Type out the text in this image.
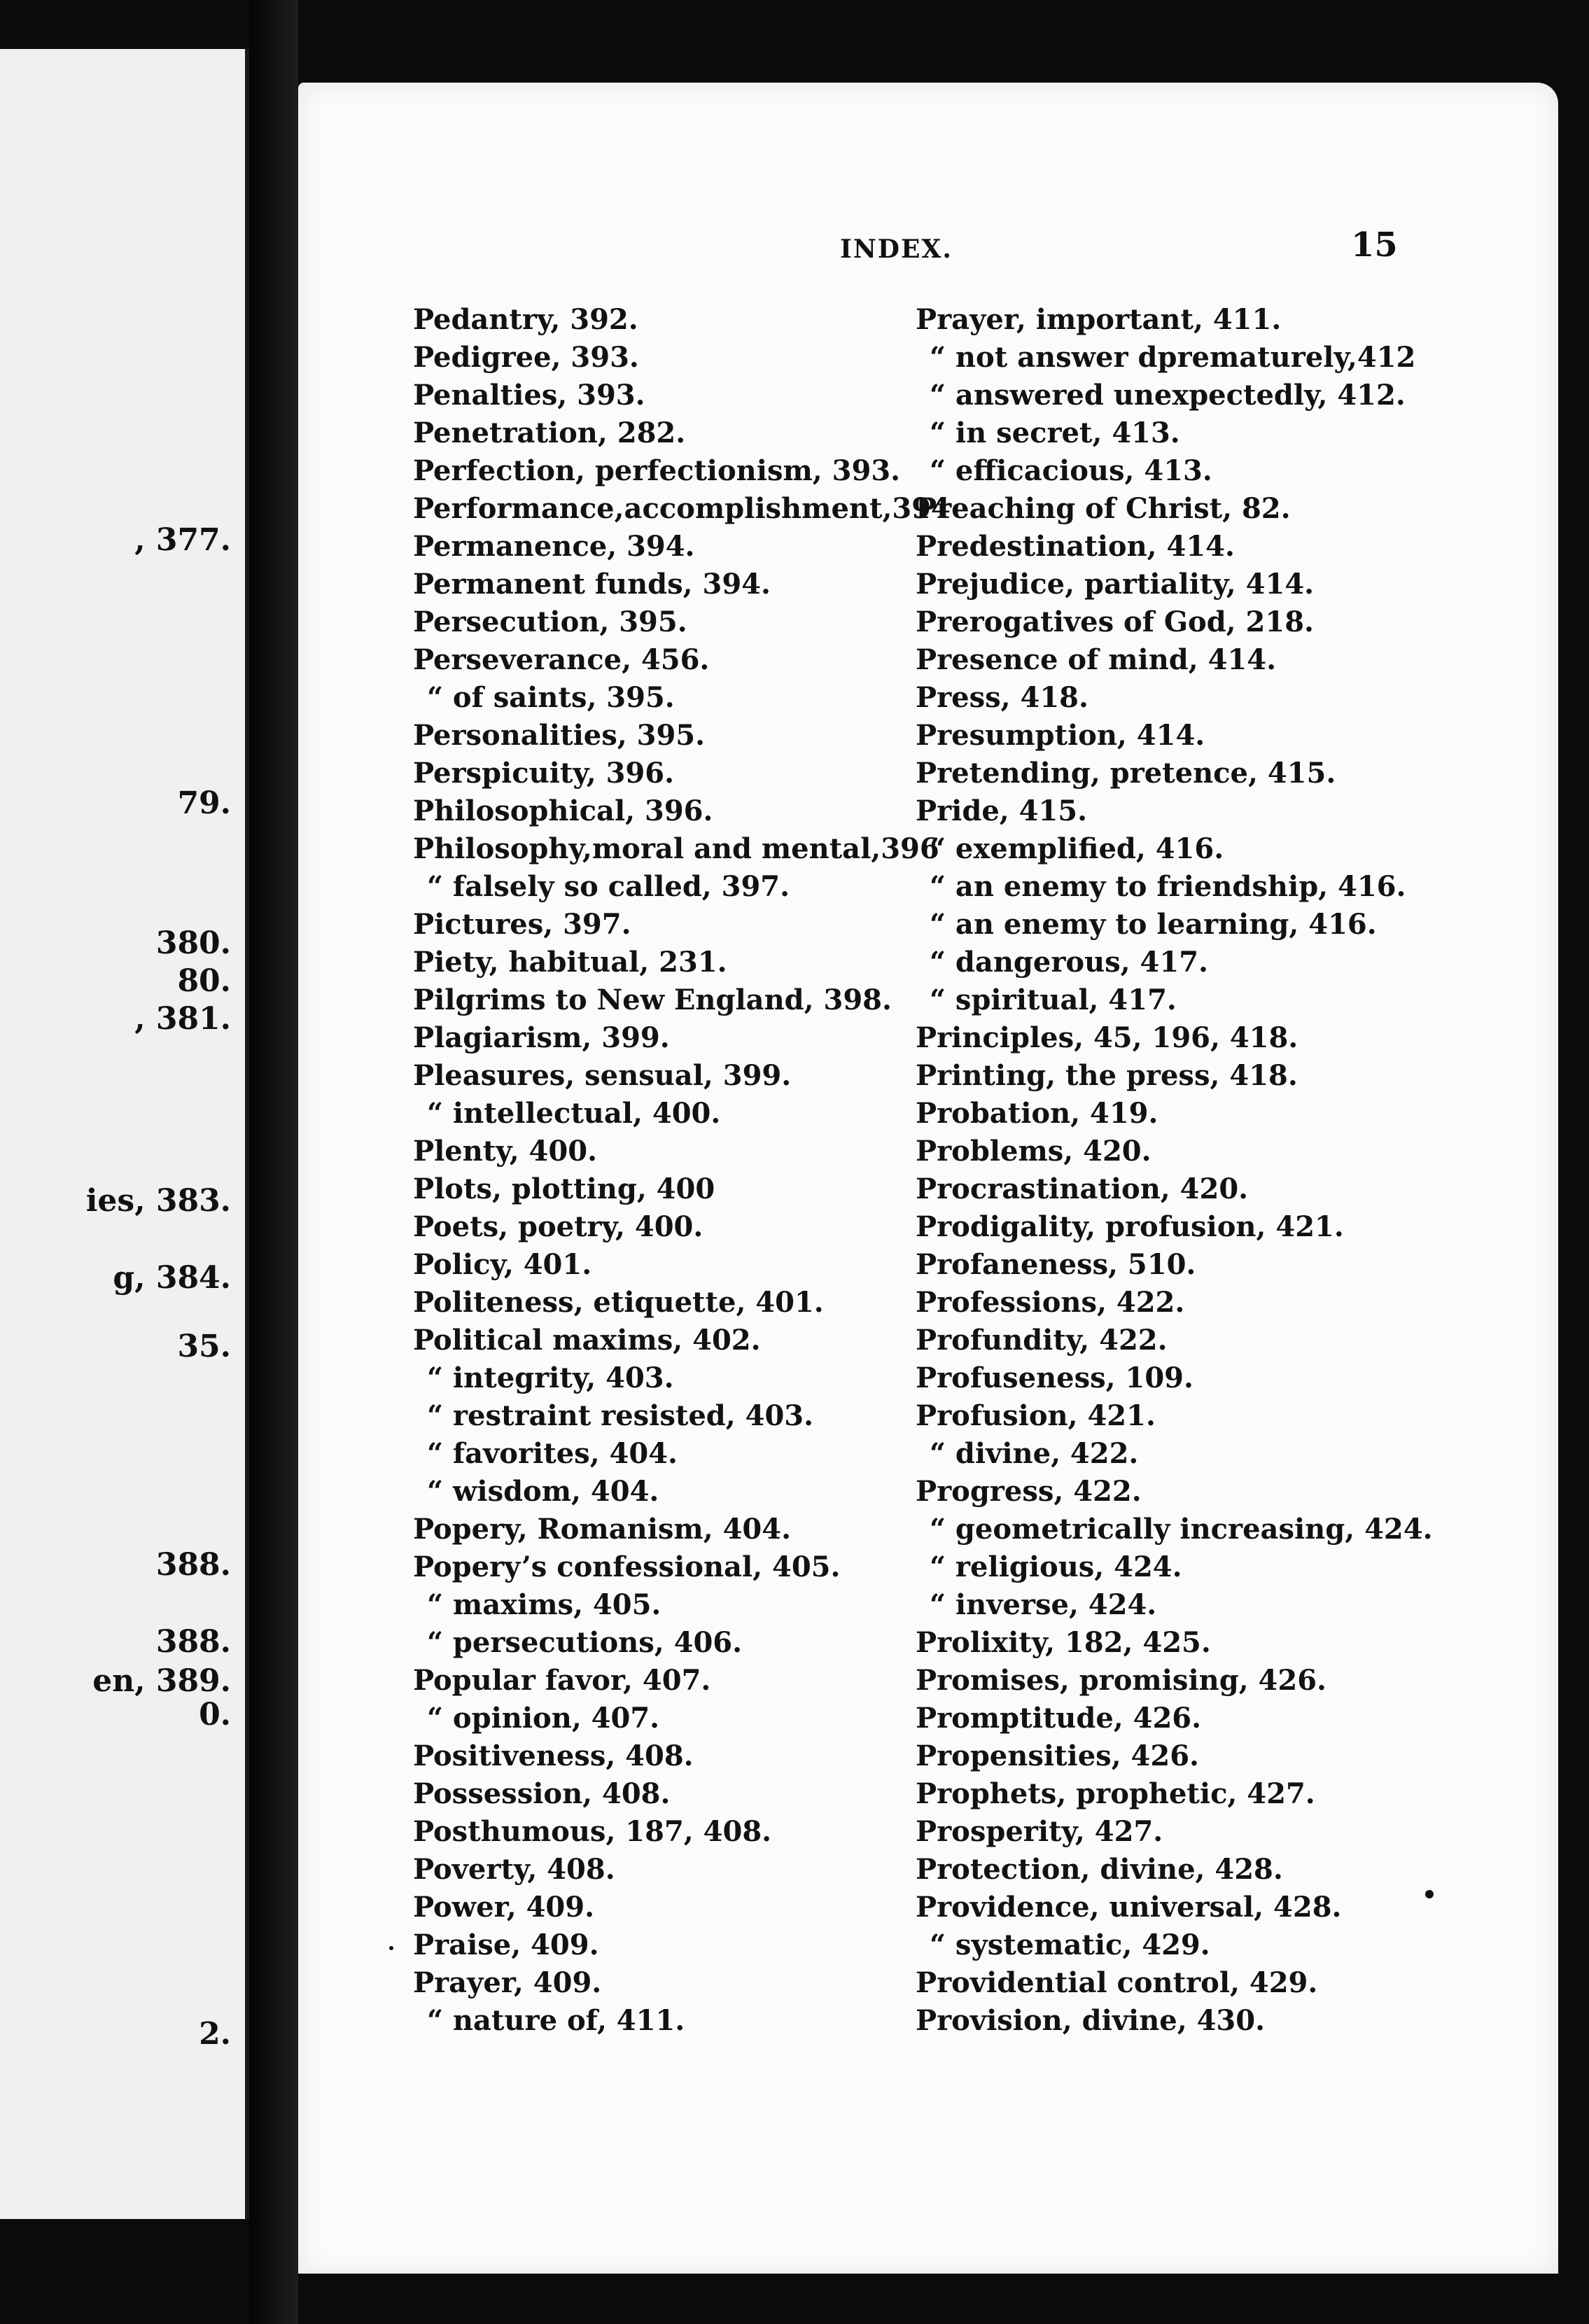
, 377.
79.
380.
80.
, 381.
ies, 383.
g, 384.
35.
388.
388.
en, 389.
0.
2.
INDEX.	15
Pedantry, 392.
Pedigree, 393.
Penalties, 393.
Penetration, 282.
Perfection, perfectionism, 393.
Performance,accomplishment,394
Permanence, 394.
Permanent funds, 394.
Persecution, 395.
Perseverance, 456.
“ of saints, 395.
Personalities, 395.
Perspicuity, 396.
Philosophical, 396.
Philosophy,moral and mental,396
“ falsely so called, 397.
Pictures, 397.
Piety, habitual, 231.
Pilgrims to New England, 398.
Plagiarism, 399.
Pleasures, sensual, 399.
“ intellectual, 400.
Plenty, 400.
Plots, plotting, 400
Poets, poetry, 400.
Policy, 401.
Politeness, etiquette, 401.
Political maxims, 402.
“ integrity, 403.
“ restraint resisted, 403.
“ favorites, 404.
“ wisdom, 404.
Popery, Romanism, 404.
Popery’s confessional, 405.
“ maxims, 405.
“ persecutions, 406.
Popular favor, 407.
“ opinion, 407.
Positiveness, 408.
Possession, 408.
Posthumous, 187, 408.
Poverty, 408.
Power, 409.
Praise, 409.
Prayer, 409.
“ nature of, 411.
Prayer, important, 411.
“ not answer dprematurely,412
“ answered unexpectedly, 412.
“ in secret, 413.
“ efficacious, 413.
Preaching of Christ, 82.
Predestination, 414.
Prejudice, partiality, 414.
Prerogatives of God, 218.
Presence of mind, 414.
Press, 418.
Presumption, 414.
Pretending, pretence, 415.
Pride, 415.
“ exemplified, 416.
“ an enemy to friendship, 416.
“ an enemy to learning, 416.
“ dangerous, 417.
“ spiritual, 417.
Principles, 45, 196, 418.
Printing, the press, 418.
Probation, 419.
Problems, 420.
Procrastination, 420.
Prodigality, profusion, 421.
Profaneness, 510.
Professions, 422.
Profundity, 422.
Profuseness, 109.
Profusion, 421.
“ divine, 422.
Progress, 422.
“ geometrically increasing, 424.
“ religious, 424.
“ inverse, 424.
Prolixity, 182, 425.
Promises, promising, 426.
Promptitude, 426.
Propensities, 426.
Prophets, prophetic, 427.
Prosperity, 427.
Protection, divine, 428.
Providence, universal, 428.
“ systematic, 429.
Providential control, 429.
Provision, divine, 430.
